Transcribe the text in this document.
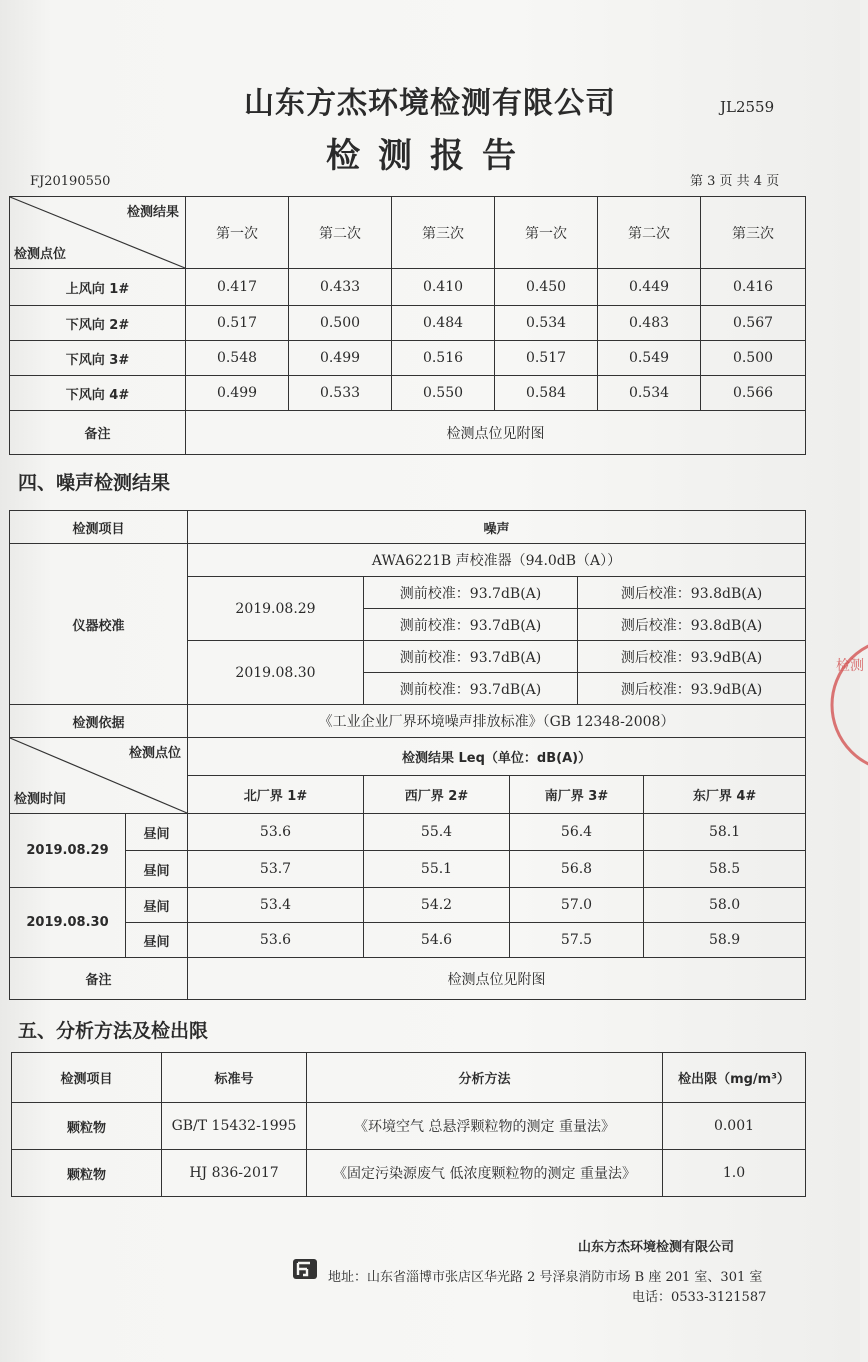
山东方杰环境检测有限公司	JL2559
检测报告
FJ20190550	第 3 页 共 4 页
检测结果
检测点位	第一次	第二次	第三次	第一次	第二次	第三次
上风向 1#	0.417	0.433	0.410	0.450	0.449	0.416
下风向 2#	0.517	0.500	0.484	0.534	0.483	0.567
下风向 3#	0.548	0.499	0.516	0.517	0.549	0.500
下风向 4#	0.499	0.533	0.550	0.584	0.534	0.566
备注	检测点位见附图					
四、噪声检测结果
检测项目		噪声				
仪器校准		AWA6221B 声校准器（94.0dB（A））				
		2019.08.29	测前校准：93.7dB(A)		测后校准：93.8dB(A)	
			测前校准：93.7dB(A)		测后校准：93.8dB(A)	
		2019.08.30	测前校准：93.7dB(A)		测后校准：93.9dB(A)	
			测前校准：93.7dB(A)		测后校准：93.9dB(A)	
检测依据		《工业企业厂界环境噪声排放标准》（GB 12348-2008）				

检测点位
检测时间		检测结果 Leq（单位：dB(A)）				
		北厂界 1#	西厂界 2#	南厂界 3#		东厂界 4#
2019.08.29	昼间	53.6	55.4	56.4		58.1
	昼间	53.7	55.1	56.8		58.5
2019.08.30	昼间	53.4	54.2	57.0		58.0
	昼间	53.6	54.6	57.5		58.9
备注		检测点位见附图				
五、分析方法及检出限
检测项目	标准号	分析方法	检出限（mg/m³）
颗粒物	GB/T 15432-1995	《环境空气 总悬浮颗粒物的测定 重量法》	0.001
颗粒物	HJ 836-2017	《固定污染源废气 低浓度颗粒物的测定 重量法》	1.0
山东方杰环境检测有限公司
地址：山东省淄博市张店区华光路 2 号泽泉消防市场 B 座 201 室、301 室
电话：0533-3121587
检测
